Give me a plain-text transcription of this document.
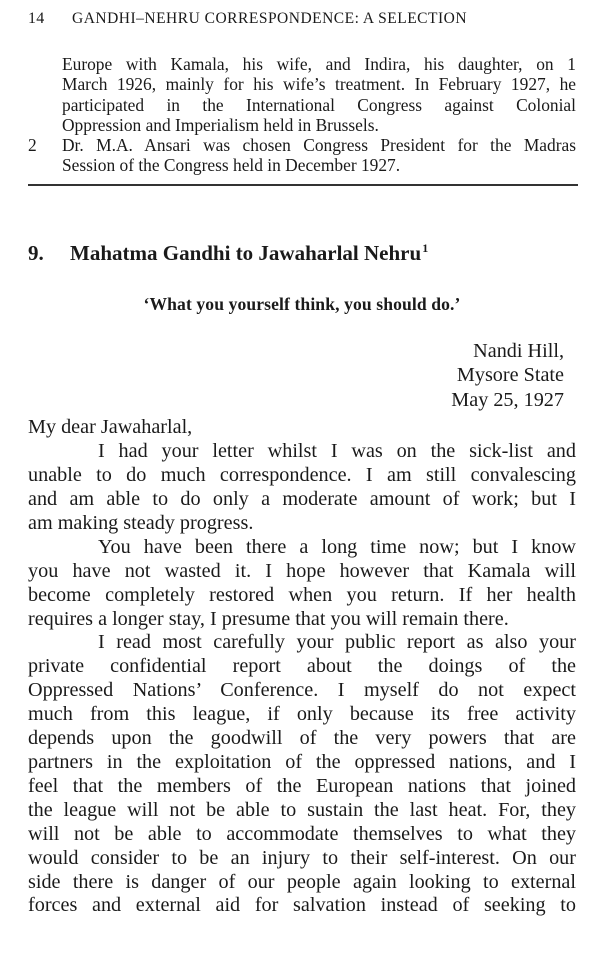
14	GANDHI–NEHRU CORRESPONDENCE: A SELECTION
Europe with Kamala, his wife, and Indira, his daughter, on 1
March 1926, mainly for his wife’s treatment. In February 1927, he
participated in the International Congress against Colonial
Oppression and Imperialism held in Brussels.
2 Dr. M.A. Ansari was chosen Congress President for the Madras
Session of the Congress held in December 1927.
9.	Mahatma Gandhi to Jawaharlal Nehru$^1$
‘What you yourself think, you should do.’
Nandi Hill,
Mysore State
May 25, 1927

My dear Jawaharlal,

I had your letter whilst I was on the sick-list and
unable to do much correspondence. I am still convalescing
and am able to do only a moderate amount of work; but I
am making steady progress.

You have been there a long time now; but I know
you have not wasted it. I hope however that Kamala will
become completely restored when you return. If her health
requires a longer stay, I presume that you will remain there.

I read most carefully your public report as also your
private confidential report about the doings of the
Oppressed Nations’ Conference. I myself do not expect
much from this league, if only because its free activity
depends upon the goodwill of the very powers that are
partners in the exploitation of the oppressed nations, and I
feel that the members of the European nations that joined
the league will not be able to sustain the last heat. For, they
will not be able to accommodate themselves to what they
would consider to be an injury to their self-interest. On our
side there is danger of our people again looking to external
forces and external aid for salvation instead of seeking to
